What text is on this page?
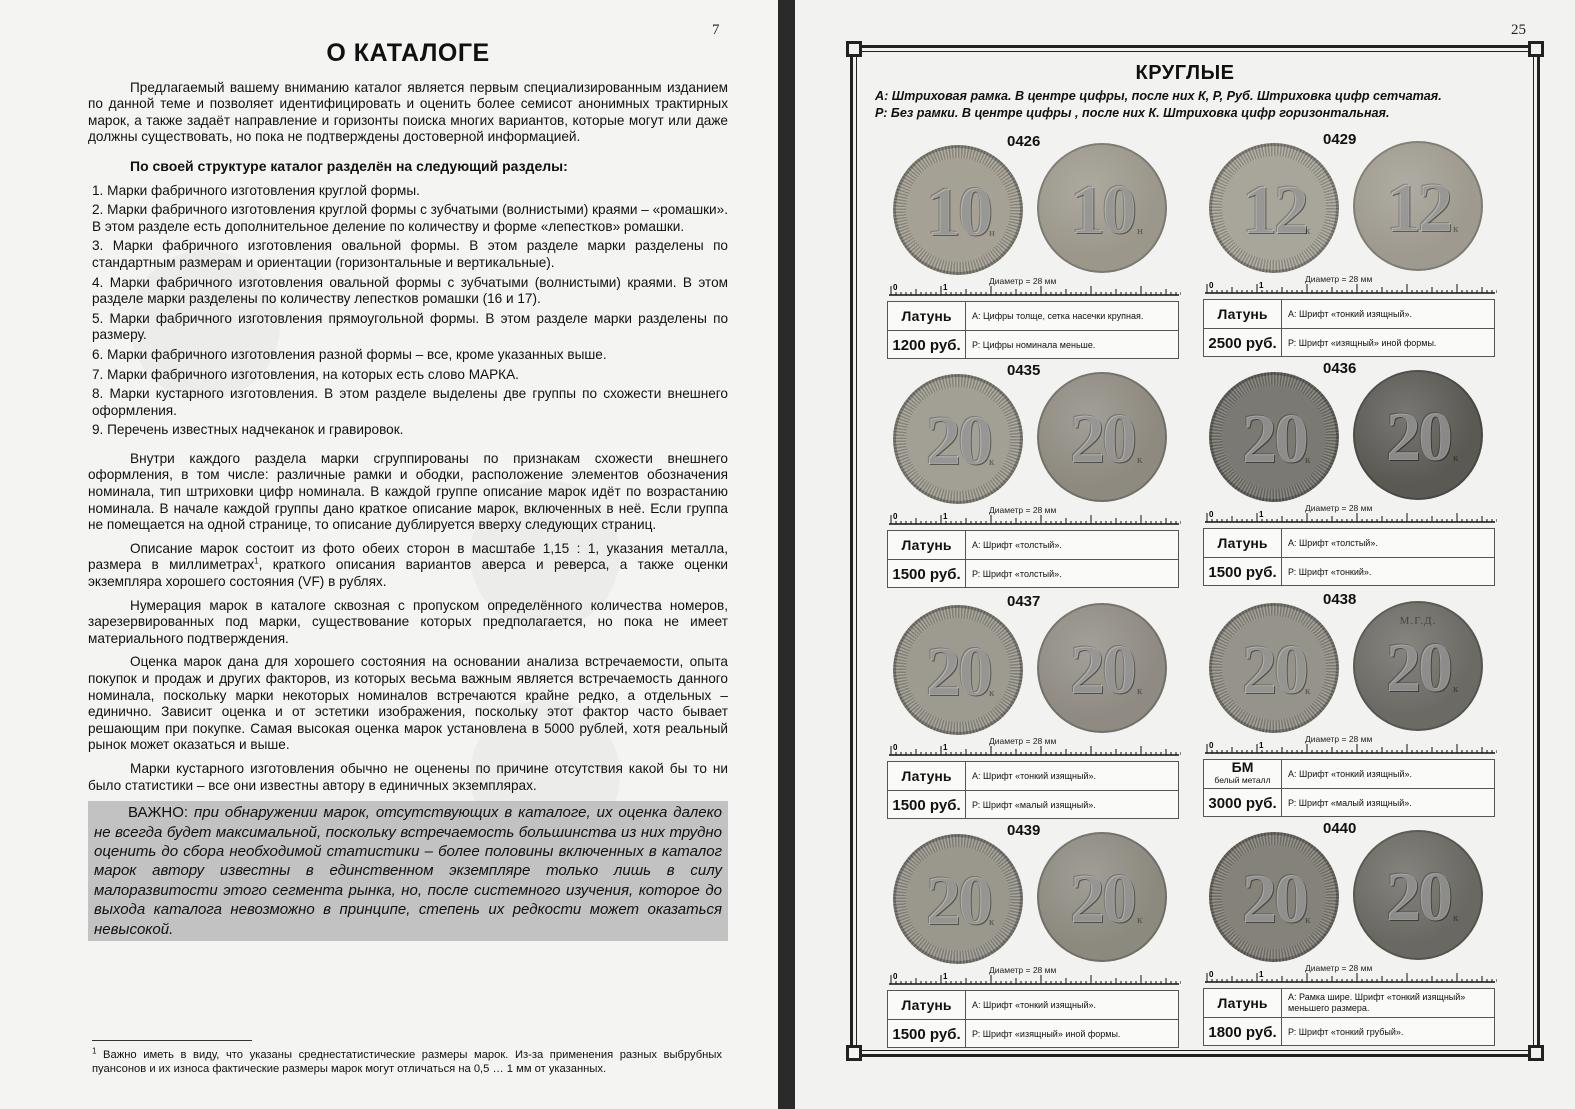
7
О КАТАЛОГЕ

Предлагаемый вашему вниманию каталог является первым специализированным изданием по данной теме и позволяет идентифицировать и оценить более семисот анонимных трактирных марок, а также задаёт направление и горизонты поиска многих вариантов, которые могут или даже должны существовать, но пока не подтверждены достоверной информацией.

По своей структуре каталог разделён на следующий разделы:

1. Марки фабричного изготовления круглой формы.

2. Марки фабричного изготовления круглой формы с зубчатыми (волнистыми) краями – «ромашки». В этом разделе есть дополнительное деление по количеству и форме «лепестков» ромашки.

3. Марки фабричного изготовления овальной формы. В этом разделе марки разделены по стандартным размерам и ориентации (горизонтальные и вертикальные).

4. Марки фабричного изготовления овальной формы с зубчатыми (волнистыми) краями. В этом разделе марки разделены по количеству лепестков ромашки (16 и 17).

5. Марки фабричного изготовления прямоугольной формы. В этом разделе марки разделены по размеру.

6. Марки фабричного изготовления разной формы – все, кроме указанных выше.

7. Марки фабричного изготовления, на которых есть слово МАРКА.

8. Марки кустарного изготовления. В этом разделе выделены две группы по схожести внешнего оформления.

9. Перечень известных надчеканок и гравировок.

Внутри каждого раздела марки сгруппированы по признакам схожести внешнего оформления, в том числе: различные рамки и ободки, расположение элементов обозначения номинала, тип штриховки цифр номинала. В каждой группе описание марок идёт по возрастанию номинала. В начале каждой группы дано краткое описание марок, включенных в неё. Если группа не помещается на одной странице, то описание дублируется вверху следующих страниц.

Описание марок состоит из фото обеих сторон в масштабе 1,15 : 1, указания металла, размера в миллиметрах$^1$, краткого описания вариантов аверса и реверса, а также оценки экземпляра хорошего состояния (VF) в рублях.

Нумерация марок в каталоге сквозная с пропуском определённого количества номеров, зарезервированных под марки, существование которых предполагается, но пока не имеет материального подтверждения.

Оценка марок дана для хорошего состояния на основании анализа встречаемости, опыта покупок и продаж и других факторов, из которых весьма важным является встречаемость данного номинала, поскольку марки некоторых номиналов встречаются крайне редко, а отдельных – единично. Зависит оценка и от эстетики изображения, поскольку этот фактор часто бывает решающим при покупке. Самая высокая оценка марок установлена в 5000 рублей, хотя реальный рынок может оказаться и выше.

Марки кустарного изготовления обычно не оценены по причине отсутствия какой бы то ни было статистики – все они известны автору в единичных экземплярах.

ВАЖНО: при обнаружении марок, отсутствующих в каталоге, их оценка далеко не всегда будет максимальной, поскольку встречаемость большинства из них трудно оценить до сбора необходимой статистики – более половины включенных в каталог марок автору известны в единственном экземпляре только лишь в силу малоразвитости этого сегмента рынка, но, после системного изучения, которое до выхода каталога невозможно в принципе, степень их редкости может оказаться невысокой.

$^1$ Важно иметь в виду, что указаны среднестатистические размеры марок. Из-за применения разных выбрубных пуансонов и их износа фактические размеры марок могут отличаться на 0,5 … 1 мм от указанных.

25
КРУГЛЫЕ
А: Штриховая рамка. В центре цифры, после них К, Р, Руб. Штриховка цифр сетчатая.
Р: Без рамки. В центре цифры , после них К. Штриховка цифр горизонтальная.
0426
10 н	10 н
Диаметр = 28 мм
0	1
Латунь А: Цифры толще, сетка насечки крупная.
1200 руб.	Р: Цифры номинала меньше.
0429
12 к	12 к
Диаметр = 28 мм
0	1
Латунь А: Шрифт «тонкий изящный».
2500 руб.	Р: Шрифт «изящный» иной формы.
0435
20 к	20 к
Диаметр = 28 мм
0	1
Латунь А: Шрифт «толстый».
1500 руб.	Р: Шрифт «толстый».
0436
20 к	20 к
Диаметр = 28 мм
0	1
Латунь А: Шрифт «толстый».
1500 руб.	Р: Шрифт «тонкий».
0437
20 к	20 к
Диаметр = 28 мм
0	1
Латунь А: Шрифт «тонкий изящный».
1500 руб.	Р: Шрифт «малый изящный».
0438
20 к
М.Г.Д.
20 к
Диаметр = 28 мм
0	1
БМ
белый металл
А: Шрифт «тонкий изящный».
3000 руб.	Р: Шрифт «малый изящный».
0439
20 к	20 к
Диаметр = 28 мм
0	1
Латунь А: Шрифт «тонкий изящный».
1500 руб.	Р: Шрифт «изящный» иной формы.
0440
20 к	20 к
Диаметр = 28 мм
0	1
Латунь А: Рамка шире. Шрифт «тонкий изящный» меньшего размера.
1800 руб.	Р: Шрифт «тонкий грубый».
